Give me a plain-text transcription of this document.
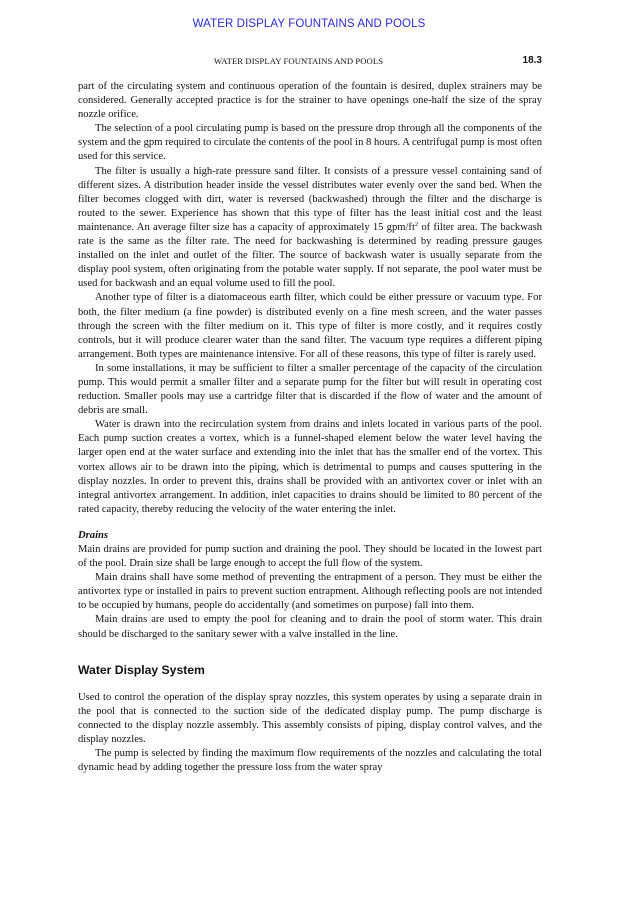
WATER DISPLAY FOUNTAINS AND POOLS
WATER DISPLAY FOUNTAINS AND POOLS	18.3

part of the circulating system and continuous operation of the fountain is desired, duplex strainers may be considered. Generally accepted practice is for the strainer to have openings one-half the size of the spray nozzle orifice.

The selection of a pool circulating pump is based on the pressure drop through all the components of the system and the gpm required to circulate the contents of the pool in 8 hours. A centrifugal pump is most often used for this service.

The filter is usually a high-rate pressure sand filter. It consists of a pressure vessel containing sand of different sizes. A distribution header inside the vessel distributes water evenly over the sand bed. When the filter becomes clogged with dirt, water is reversed (backwashed) through the filter and the discharge is routed to the sewer. Experience has shown that this type of filter has the least initial cost and the least maintenance. An average filter size has a capacity of approximately 15 gpm/$ft^2$ of filter area. The backwash rate is the same as the filter rate. The need for backwashing is determined by reading pressure gauges installed on the inlet and outlet of the filter. The source of backwash water is usually separate from the display pool system, often originating from the potable water supply. If not separate, the pool water must be used for backwash and an equal volume used to fill the pool.

Another type of filter is a diatomaceous earth filter, which could be either pressure or vacuum type. For both, the filter medium (a fine powder) is distributed evenly on a fine mesh screen, and the water passes through the screen with the filter medium on it. This type of filter is more costly, and it requires costly controls, but it will produce clearer water than the sand filter. The vacuum type requires a different piping arrangement. Both types are maintenance intensive. For all of these reasons, this type of filter is rarely used.

In some installations, it may be sufficient to filter a smaller percentage of the capacity of the circulation pump. This would permit a smaller filter and a separate pump for the filter but will result in operating cost reduction. Smaller pools may use a cartridge filter that is discarded if the flow of water and the amount of debris are small.

Water is drawn into the recirculation system from drains and inlets located in various parts of the pool. Each pump suction creates a vortex, which is a funnel-shaped element below the water level having the larger open end at the water surface and extending into the inlet that has the smaller end of the vortex. This vortex allows air to be drawn into the piping, which is detrimental to pumps and causes sputtering in the display nozzles. In order to prevent this, drains shall be provided with an antivortex cover or inlet with an integral antivortex arrangement. In addition, inlet capacities to drains should be limited to 80 percent of the rated capacity, thereby reducing the velocity of the water entering the inlet.

Drains

Main drains are provided for pump suction and draining the pool. They should be located in the lowest part of the pool. Drain size shall be large enough to accept the full flow of the system.

Main drains shall have some method of preventing the entrapment of a person. They must be either the antivortex type or installed in pairs to prevent suction entrapment. Although reflecting pools are not intended to be occupied by humans, people do accidentally (and sometimes on purpose) fall into them.

Main drains are used to empty the pool for cleaning and to drain the pool of storm water. This drain should be discharged to the sanitary sewer with a valve installed in the line.

Water Display System

Used to control the operation of the display spray nozzles, this system operates by using a separate drain in the pool that is connected to the suction side of the dedicated display pump. The pump discharge is connected to the display nozzle assembly. This assembly consists of piping, display control valves, and the display nozzles.

The pump is selected by finding the maximum flow requirements of the nozzles and calculating the total dynamic head by adding together the pressure loss from the water spray
